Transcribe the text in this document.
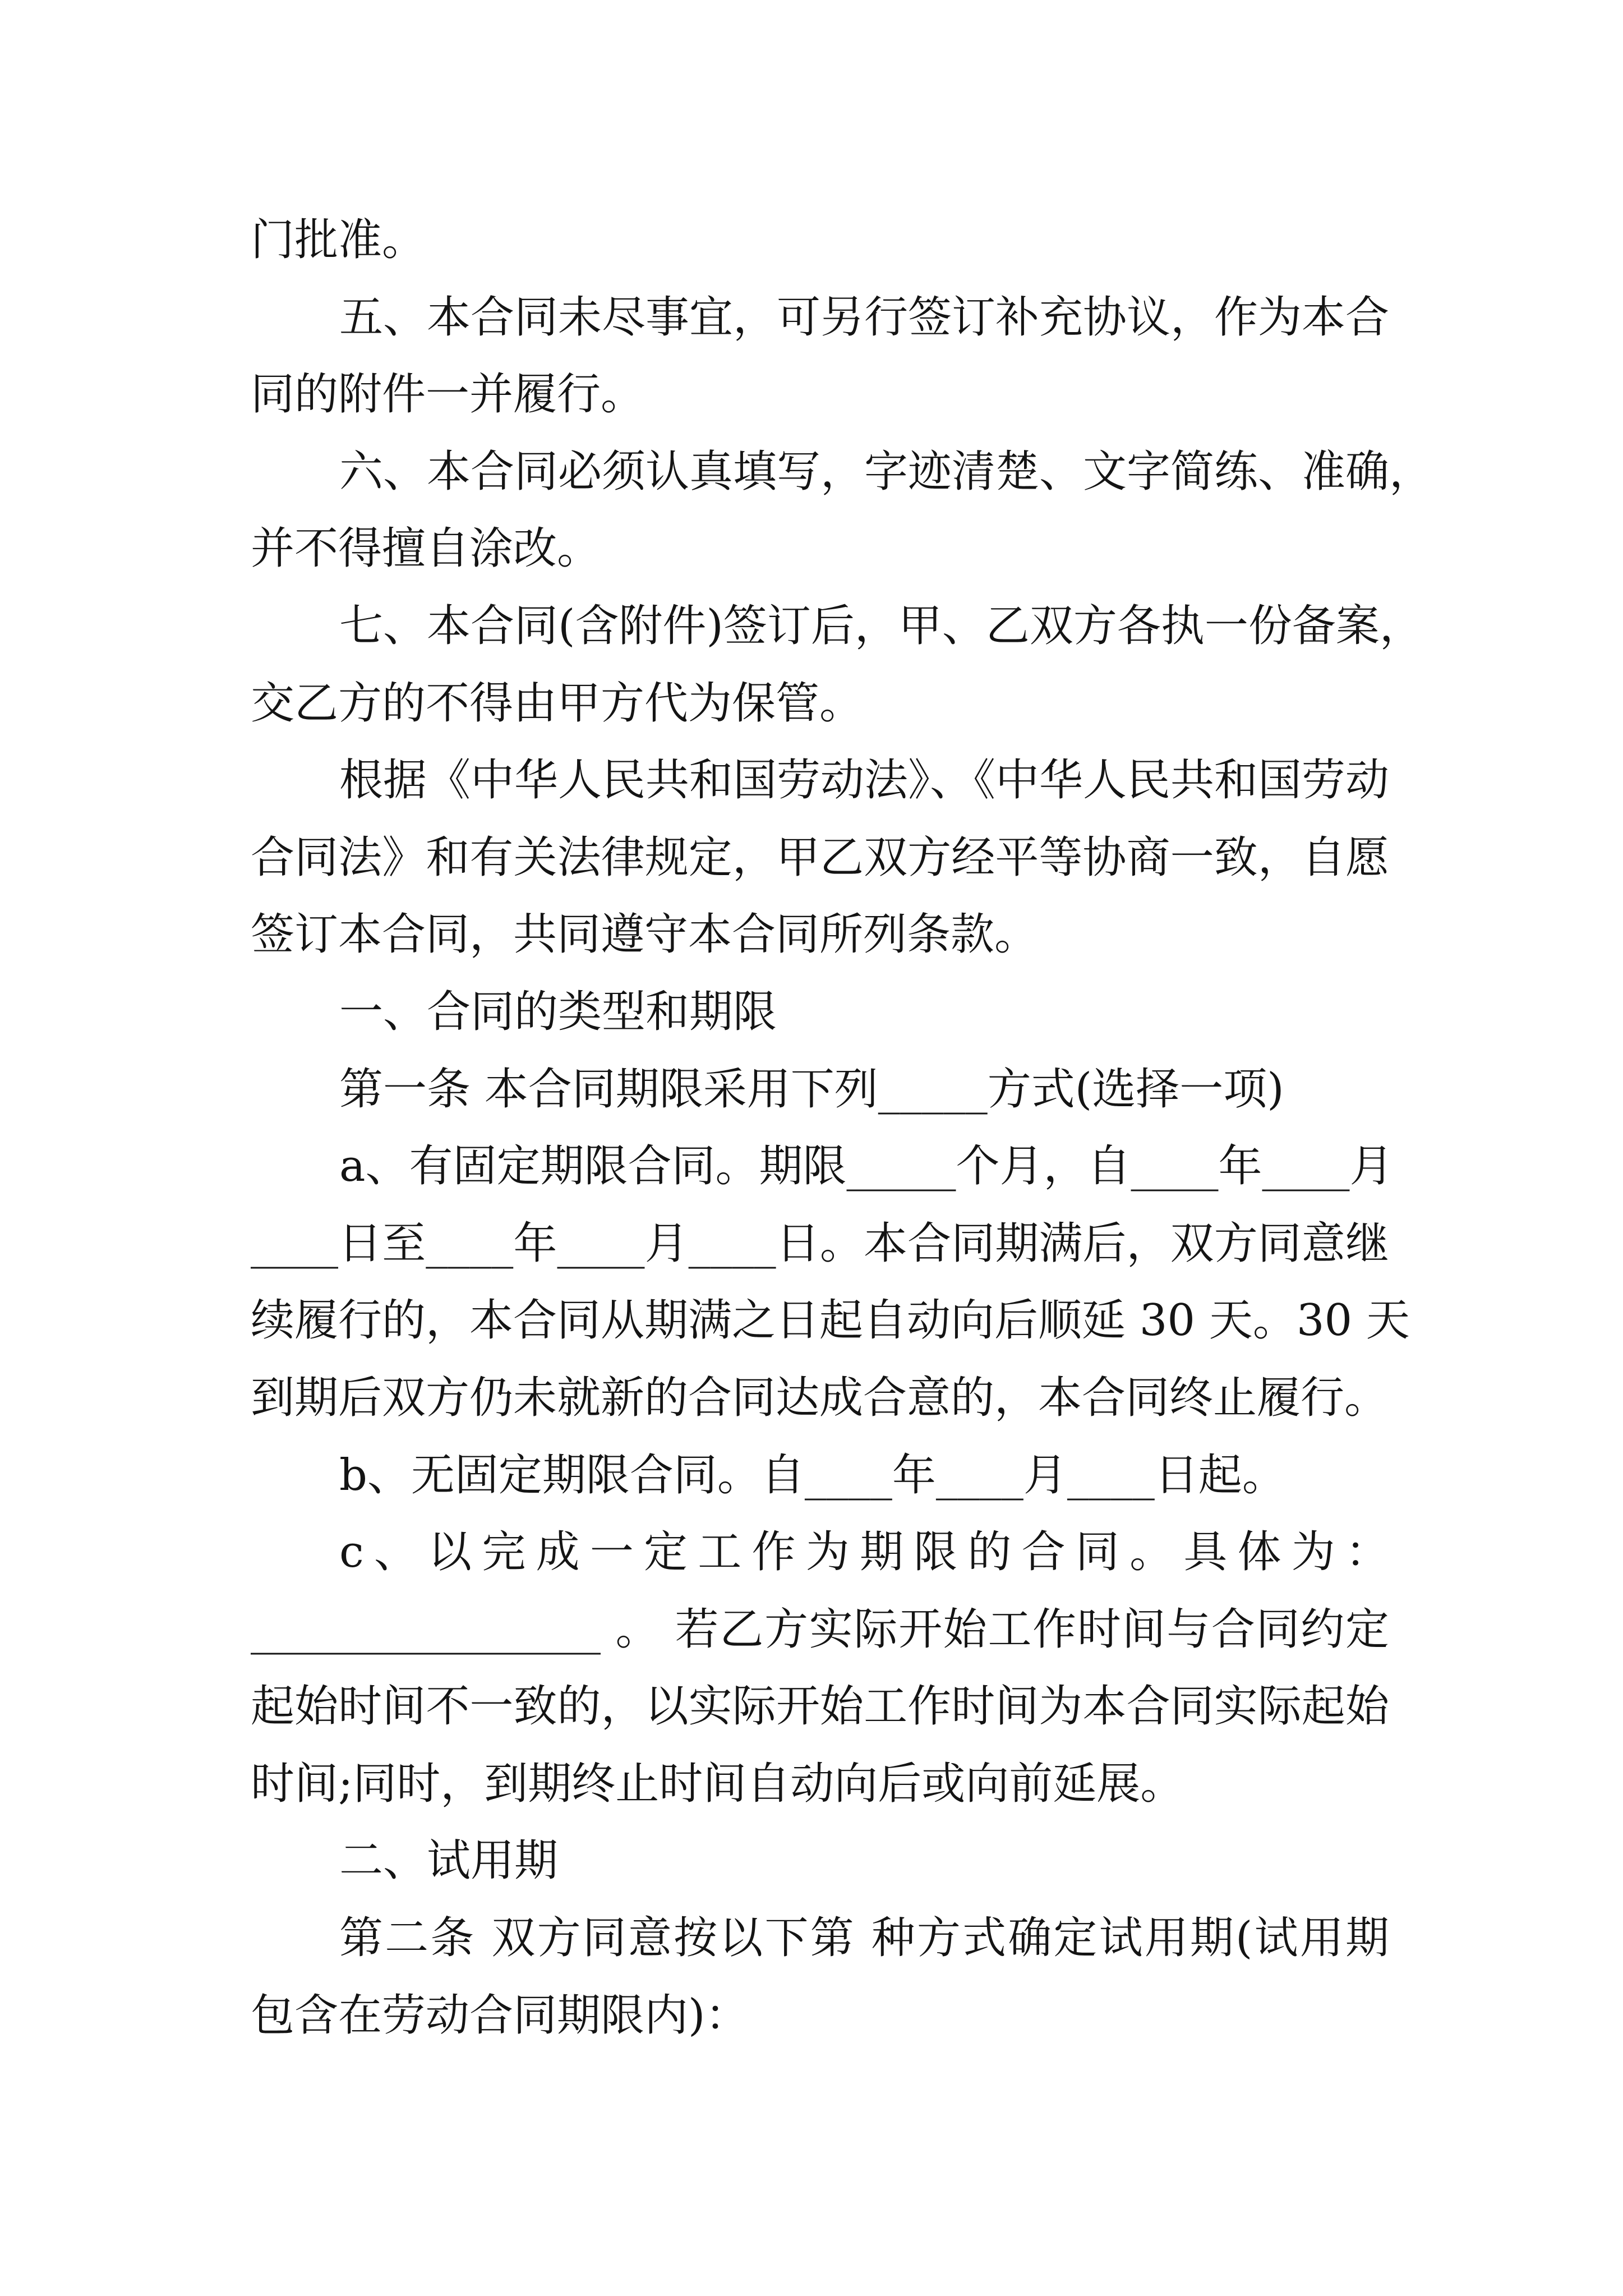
门批准。
五、本合同未尽事宜，可另行签订补充协议，作为本合
同的附件一并履行。
六、本合同必须认真填写，字迹清楚、文字简练、准确，
并不得擅自涂改。
七、本合同(含附件)签订后，甲、乙双方各执一份备案，
交乙方的不得由甲方代为保管。
根据《中华人民共和国劳动法》、《中华人民共和国劳动
合同法》和有关法律规定，甲乙双方经平等协商一致，自愿
签订本合同，共同遵守本合同所列条款。
一、合同的类型和期限
第一条 本合同期限采用下列_____方式(选择一项)
a、有固定期限合同。期限_____个月，自____年____月
____日至____年____月____日。本合同期满后，双方同意继
续履行的，本合同从期满之日起自动向后顺延 30 天。30 天
到期后双方仍未就新的合同达成合意的，本合同终止履行。
b、无固定期限合同。自____年____月____日起。
c、以完成一定工作为期限的合同。具体为：
________________ 。 若乙方实际开始工作时间与合同约定
起始时间不一致的，以实际开始工作时间为本合同实际起始
时间;同时，到期终止时间自动向后或向前延展。
二、试用期
第二条 双方同意按以下第 种方式确定试用期(试用期
包含在劳动合同期限内)：
